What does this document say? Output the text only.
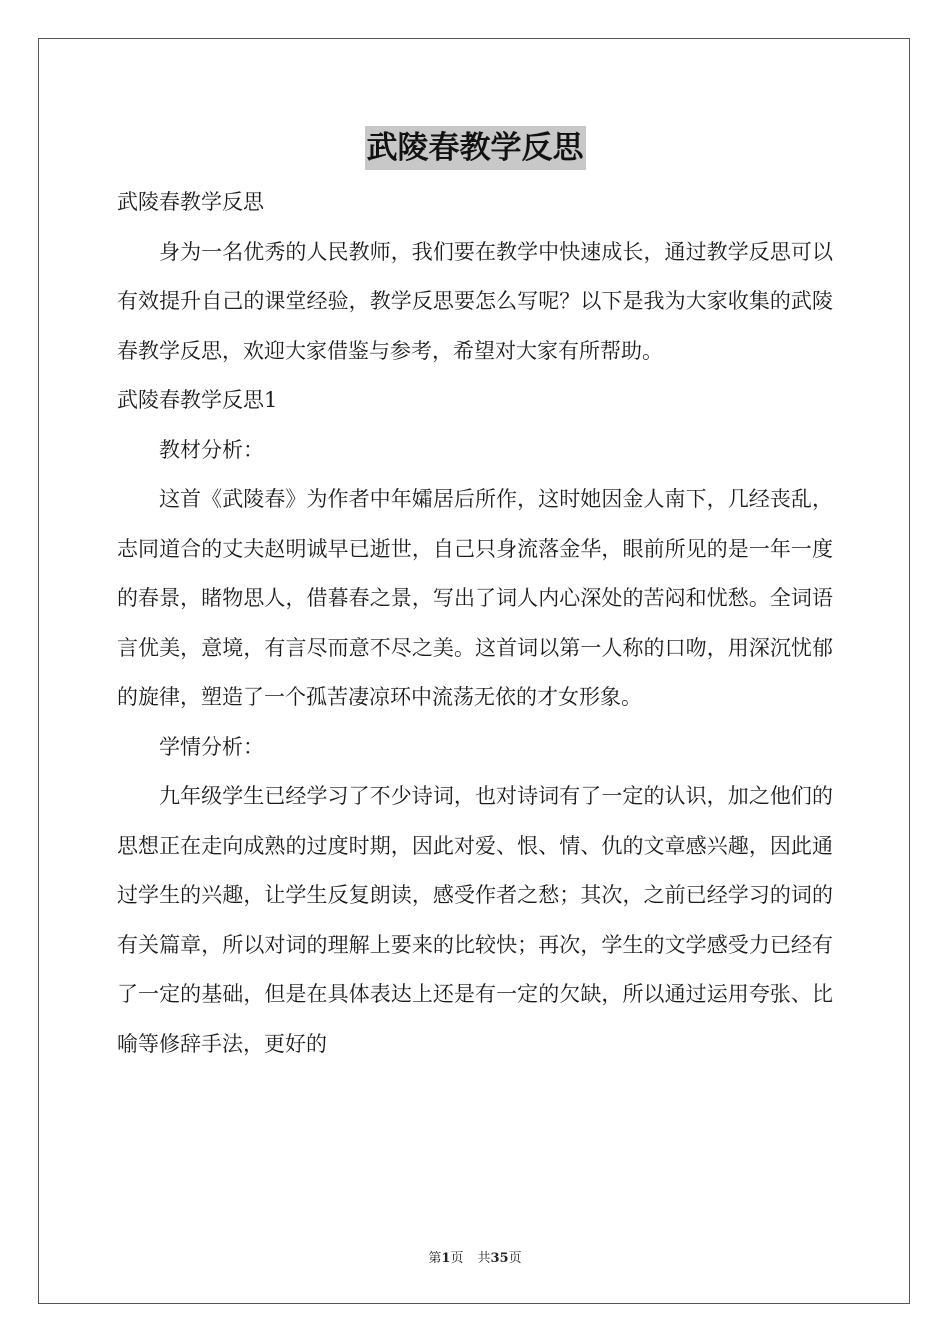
武陵春教学反思

武陵春教学反思

身为一名优秀的人民教师，我们要在教学中快速成长，通过教学反思可以有效提升自己的课堂经验，教学反思要怎么写呢？以下是我为大家收集的武陵春教学反思，欢迎大家借鉴与参考，希望对大家有所帮助。

武陵春教学反思1

教材分析：

这首《武陵春》为作者中年孀居后所作，这时她因金人南下，几经丧乱，志同道合的丈夫赵明诚早已逝世，自己只身流落金华，眼前所见的是一年一度的春景，睹物思人，借暮春之景，写出了词人内心深处的苦闷和忧愁。全词语言优美，意境，有言尽而意不尽之美。这首词以第一人称的口吻，用深沉忧郁的旋律，塑造了一个孤苦凄凉环中流荡无依的才女形象。

学情分析：

九年级学生已经学习了不少诗词，也对诗词有了一定的认识，加之他们的思想正在走向成熟的过度时期，因此对爱、恨、情、仇的文章感兴趣，因此通过学生的兴趣，让学生反复朗读，感受作者之愁；其次，之前已经学习的词的有关篇章，所以对词的理解上要来的比较快；再次，学生的文学感受力已经有了一定的基础，但是在具体表达上还是有一定的欠缺，所以通过运用夸张、比喻等修辞手法，更好的

第1页 共35页
